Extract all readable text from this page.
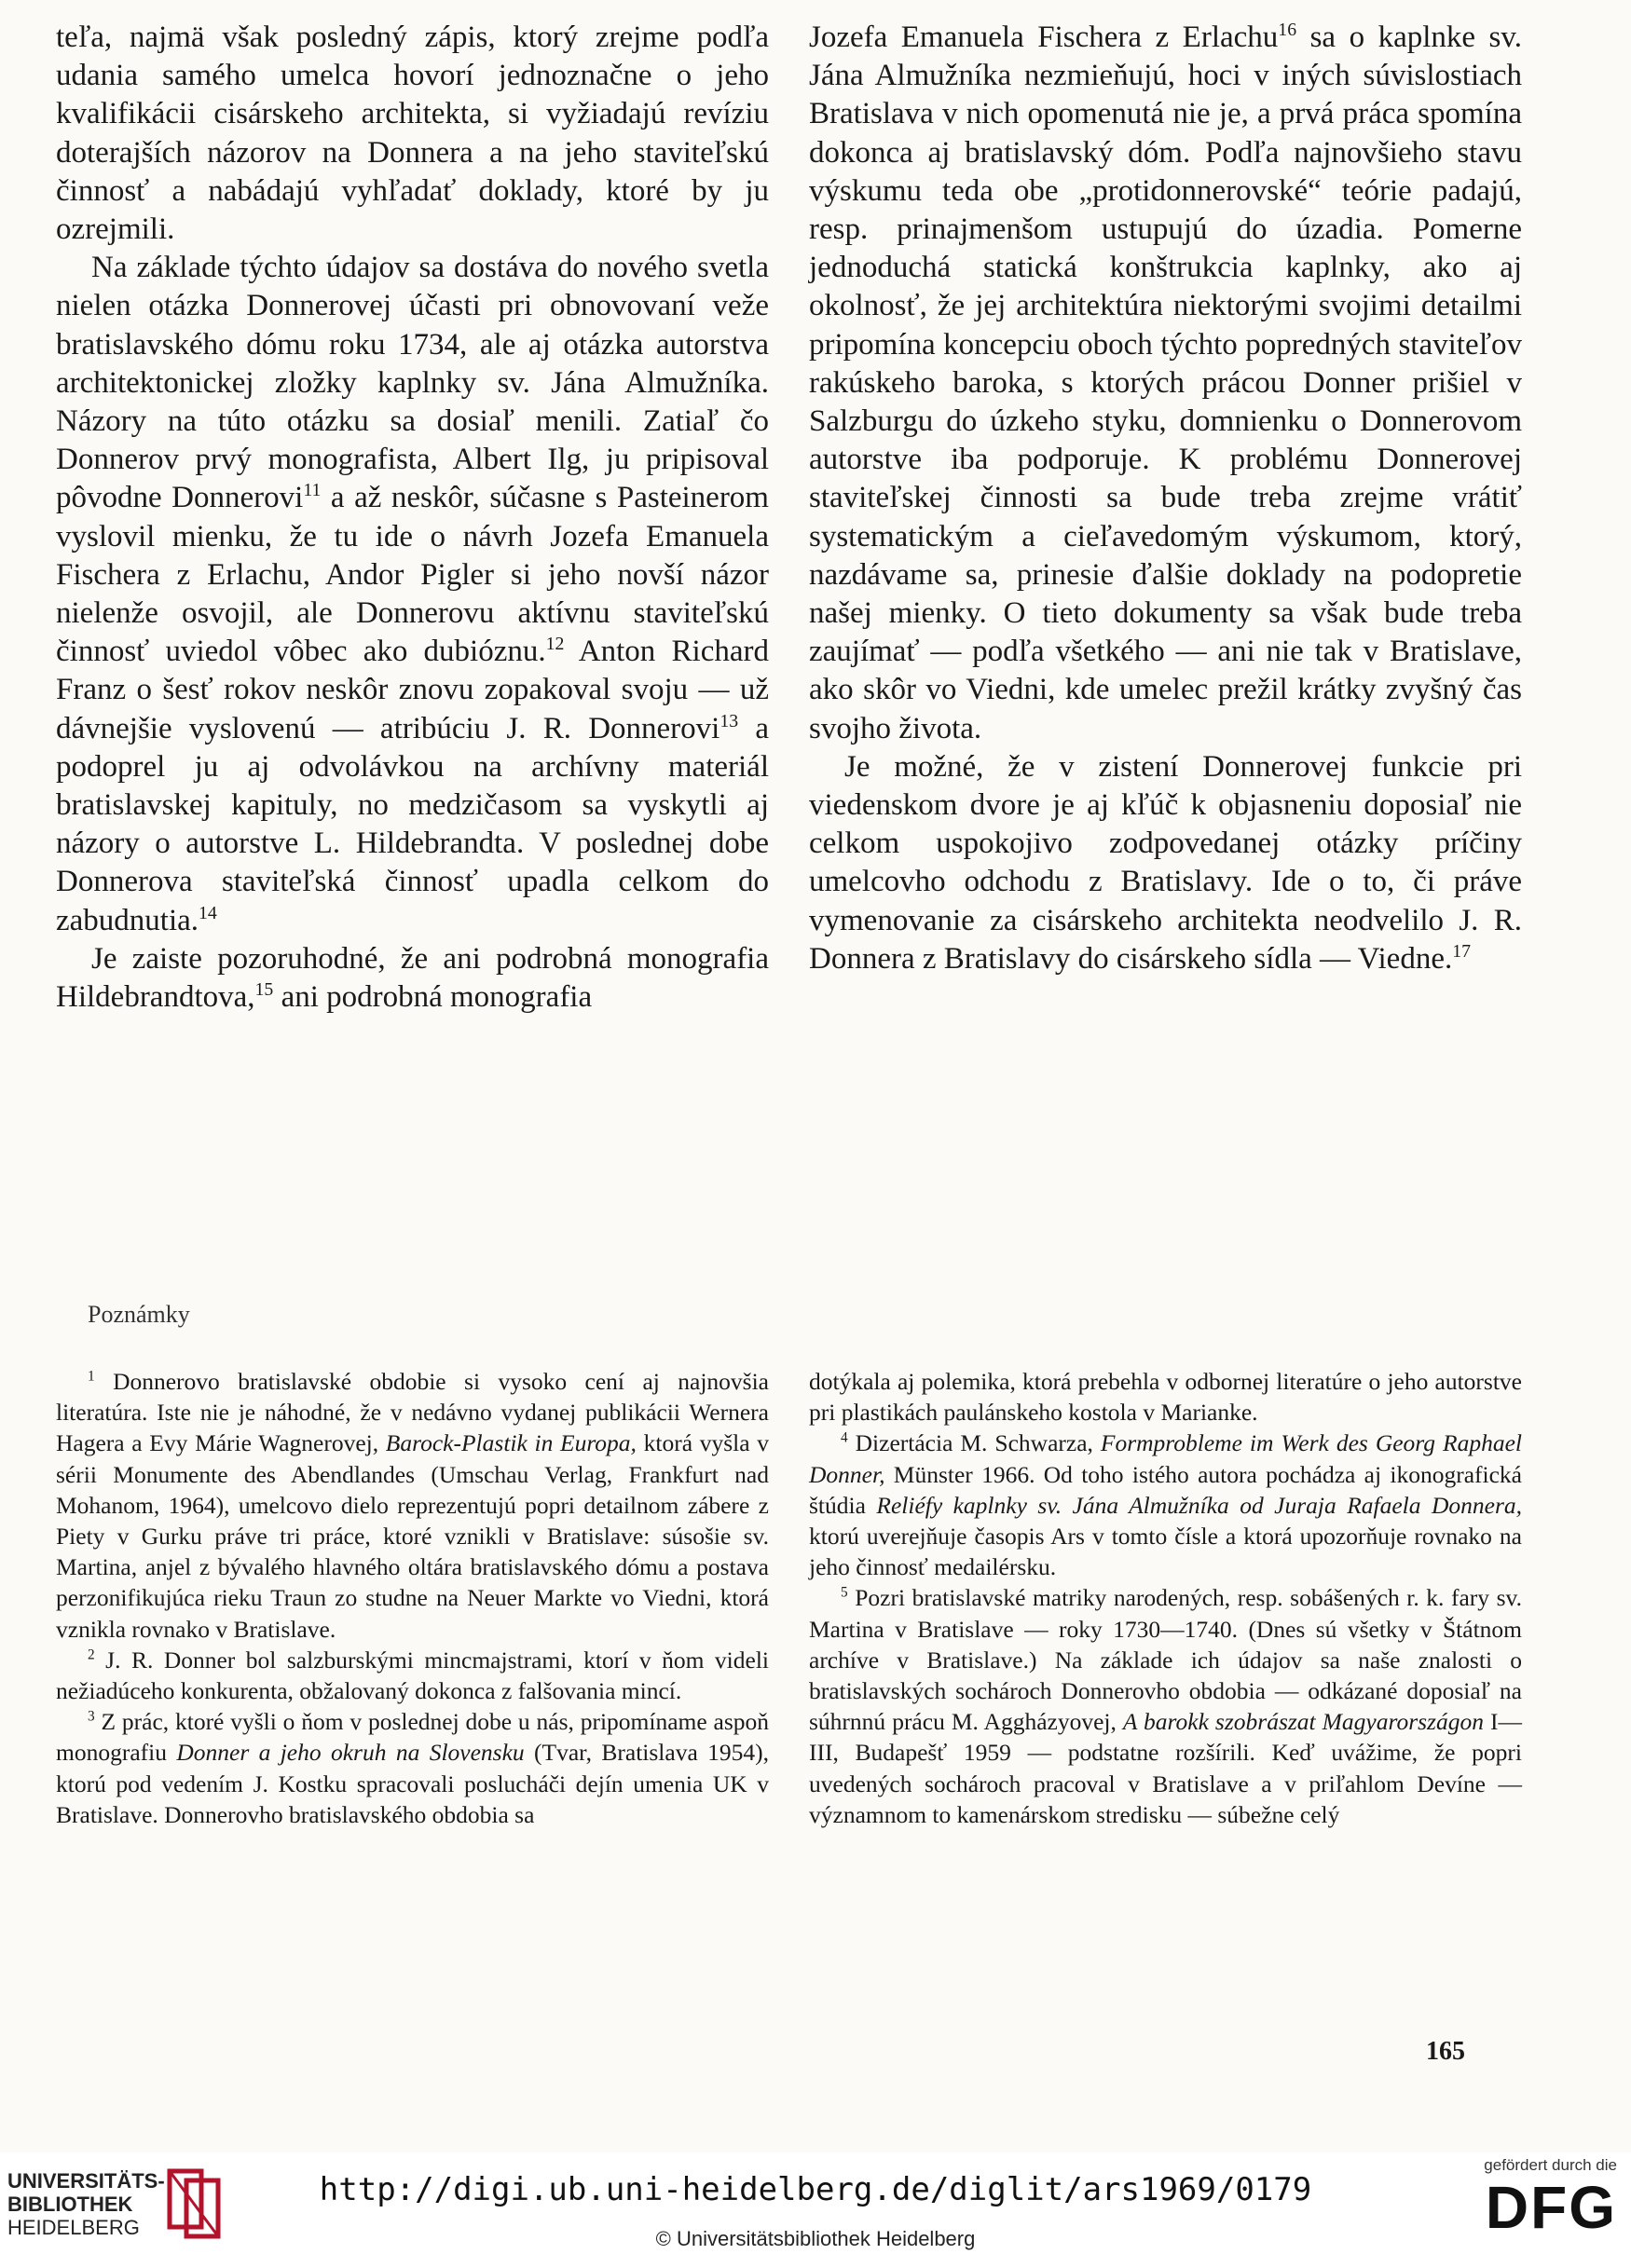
teľa, najmä však posledný zápis, ktorý zrejme podľa udania samého umelca hovorí jednoznačne o jeho kvalifikácii cisárskeho architekta, si vyžiadajú revíziu doterajších názorov na Donnera a na jeho staviteľskú činnosť a nabádajú vyhľadať doklady, ktoré by ju ozrejmili.

Na základe týchto údajov sa dostáva do nového svetla nielen otázka Donnerovej účasti pri obnovovaní veže bratislavského dómu roku 1734, ale aj otázka autorstva architektonickej zložky kaplnky sv. Jána Almužníka. Názory na túto otázku sa dosiaľ menili. Zatiaľ čo Donnerov prvý monografista, Albert Ilg, ju pripisoval pôvodne Donnerovi$^{11}$ a až neskôr, súčasne s Pasteinerom vyslovil mienku, že tu ide o návrh Jozefa Emanuela Fischera z Erlachu, Andor Pigler si jeho novší názor nielenže osvojil, ale Donnerovu aktívnu staviteľskú činnosť uviedol vôbec ako dubióznu.$^{12}$ Anton Richard Franz o šesť rokov neskôr znovu zopakoval svoju — už dávnejšie vyslovenú — atribúciu J. R. Donnerovi$^{13}$ a podoprel ju aj odvolávkou na archívny materiál bratislavskej kapituly, no medzičasom sa vyskytli aj názory o autorstve L. Hildebrandta. V poslednej dobe Donnerova staviteľská činnosť upadla celkom do zabudnutia.$^{14}$

Je zaiste pozoruhodné, že ani podrobná monografia Hildebrandtova,$^{15}$ ani podrobná monografia

Jozefa Emanuela Fischera z Erlachu$^{16}$ sa o kaplnke sv. Jána Almužníka nezmieňujú, hoci v iných súvislostiach Bratislava v nich opomenutá nie je, a prvá práca spomína dokonca aj bratislavský dóm. Podľa najnovšieho stavu výskumu teda obe „protidonnerovské“ teórie padajú, resp. prinajmenšom ustupujú do úzadia. Pomerne jednoduchá statická konštrukcia kaplnky, ako aj okolnosť, že jej architektúra niektorými svojimi detailmi pripomína koncepciu oboch týchto popredných staviteľov rakúskeho baroka, s ktorých prácou Donner prišiel v Salzburgu do úzkeho styku, domnienku o Donnerovom autorstve iba podporuje. K problému Donnerovej staviteľskej činnosti sa bude treba zrejme vrátiť systematickým a cieľavedomým výskumom, ktorý, nazdávame sa, prinesie ďalšie doklady na podopretie našej mienky. O tieto dokumenty sa však bude treba zaujímať — podľa všetkého — ani nie tak v Bratislave, ako skôr vo Viedni, kde umelec prežil krátky zvyšný čas svojho života.

Je možné, že v zistení Donnerovej funkcie pri viedenskom dvore je aj kľúč k objasneniu doposiaľ nie celkom uspokojivo zodpovedanej otázky príčiny umelcovho odchodu z Bratislavy. Ide o to, či práve vymenovanie za cisárskeho architekta neodvelilo J. R. Donnera z Bratislavy do cisárskeho sídla — Viedne.$^{17}$

Poznámky

$^1$ Donnerovo bratislavské obdobie si vysoko cení aj najnovšia literatúra. Iste nie je náhodné, že v nedávno vydanej publikácii Wernera Hagera a Evy Márie Wagnerovej, Barock-Plastik in Europa, ktorá vyšla v sérii Monumente des Abendlandes (Umschau Verlag, Frankfurt nad Mohanom, 1964), umelcovo dielo reprezentujú popri detailnom zábere z Piety v Gurku práve tri práce, ktoré vznikli v Bratislave: súsošie sv. Martina, anjel z bývalého hlavného oltára bratislavského dómu a postava perzonifikujúca rieku Traun zo studne na Neuer Markte vo Viedni, ktorá vznikla rovnako v Bratislave.

$^2$ J. R. Donner bol salzburskými mincmajstrami, ktorí v ňom videli nežiadúceho konkurenta, obžalovaný dokonca z falšovania mincí.

$^3$ Z prác, ktoré vyšli o ňom v poslednej dobe u nás, pripomíname aspoň monografiu Donner a jeho okruh na Slovensku (Tvar, Bratislava 1954), ktorú pod vedením J. Kostku spracovali poslucháči dejín umenia UK v Bratislave. Donnerovho bratislavského obdobia sa

dotýkala aj polemika, ktorá prebehla v odbornej literatúre o jeho autorstve pri plastikách paulánskeho kostola v Marianke.

$^4$ Dizertácia M. Schwarza, Formprobleme im Werk des Georg Raphael Donner, Münster 1966. Od toho istého autora pochádza aj ikonografická štúdia Reliéfy kaplnky sv. Jána Almužníka od Juraja Rafaela Donnera, ktorú uverejňuje časopis Ars v tomto čísle a ktorá upozorňuje rovnako na jeho činnosť medailérsku.

$^5$ Pozri bratislavské matriky narodených, resp. sobášených r. k. fary sv. Martina v Bratislave — roky 1730—1740. (Dnes sú všetky v Štátnom archíve v Bratislave.) Na základe ich údajov sa naše znalosti o bratislavských sochároch Donnerovho obdobia — odkázané doposiaľ na súhrnnú prácu M. Aggházyovej, A barokk szobrászat Magyarországon I—III, Budapešť 1959 — podstatne rozšírili. Keď uvážime, že popri uvedených sochároch pracoval v Bratislave a v priľahlom Devíne — významnom to kamenárskom stredisku — súbežne celý

165
UNIVERSITÄTS-
BIBLIOTHEK
HEIDELBERG
http://digi.ub.uni-heidelberg.de/diglit/ars1969/0179
© Universitätsbibliothek Heidelberg
gefördert durch die
DFG
